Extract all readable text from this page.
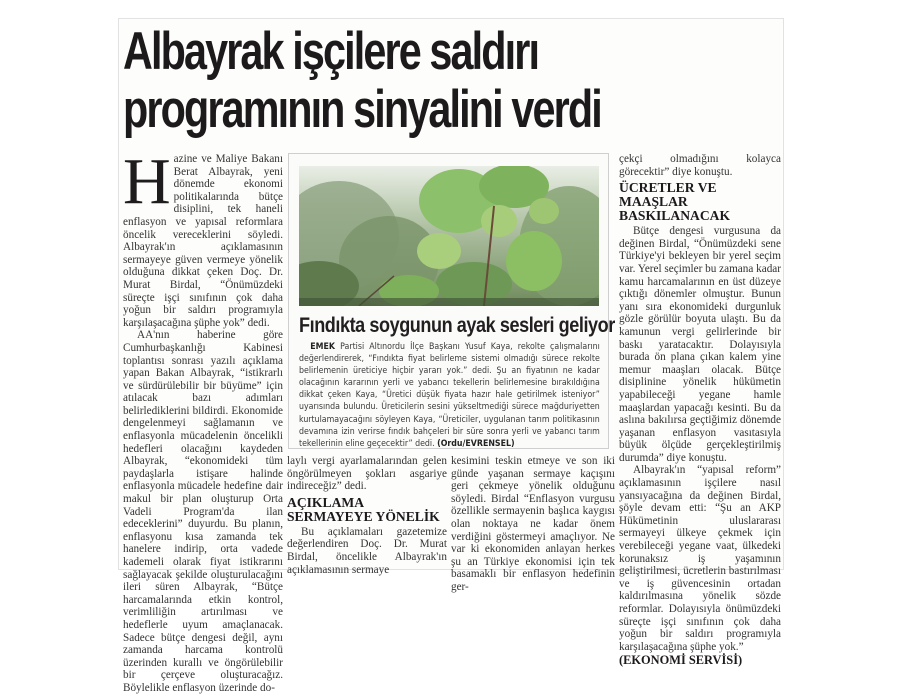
Albayrak işçilere saldırı
programının sinyalini verdi

Hazine ve Maliye Bakanı Berat Albayrak, yeni dönemde ekonomi politikalarında bütçe disiplini, tek haneli enflasyon ve yapısal reformlara öncelik vereceklerini söyledi. Albayrak'ın açıklamasının sermayeye güven vermeye yönelik olduğuna dikkat çeken Doç. Dr. Murat Birdal, “Önümüzdeki süreçte işçi sınıfının çok daha yoğun bir saldırı programıyla karşılaşacağına şüphe yok” dedi.

AA'nın haberine göre Cumhurbaşkanlığı Kabinesi toplantısı sonrası yazılı açıklama yapan Bakan Albayrak, “istikrarlı ve sürdürülebilir bir büyüme” için atılacak bazı adımları belirlediklerini bildirdi. Ekonomide dengelenmeyi sağlamanın ve enflasyonla mücadelenin öncelikli hedefleri olacağını kaydeden Albayrak, “ekonomideki tüm paydaşlarla istişare halinde enflasyonla mücadele hedefine dair makul bir plan oluşturup Orta Vadeli Program'da ilan edeceklerini” duyurdu. Bu planın, enflasyonu kısa zamanda tek hanelere indirip, orta vadede kademeli olarak fiyat istikrarını sağlayacak şekilde oluşturulacağını ileri süren Albayrak, “Bütçe harcamalarında etkin kontrol, verimliliğin artırılması ve hedeflerle uyum amaçlanacak. Sadece bütçe dengesi değil, aynı zamanda harcama kontrolü üzerinden kurallı ve öngörülebilir bir çerçeve oluşturacağız. Böylelikle enflasyon üzerinde do-

Fındıkta soygunun ayak sesleri geliyor

EMEK Partisi Altınordu İlçe Başkanı Yusuf Kaya, rekolte çalışmalarını değerlendirerek, “Fındıkta fiyat belirleme sistemi olmadığı sürece rekolte belirlemenin üreticiye hiçbir yararı yok.” dedi. Şu an fiyatının ne kadar olacağının kararının yerli ve yabancı tekellerin belirlemesine bırakıldığına dikkat çeken Kaya, “Üretici düşük fiyata hazır hale getirilmek isteniyor” uyarısında bulundu. Üreticilerin sesini yükseltmediği sürece mağduriyetten kurtulamayacağını söyleyen Kaya, “Üreticiler, uygulanan tarım politikasının devamına izin verirse fındık bahçeleri bir süre sonra yerli ve yabancı tarım tekellerinin eline geçecektir” dedi. (Ordu/EVRENSEL)

laylı vergi ayarlamalarından gelen öngörülmeyen şokları asgariye indireceğiz” dedi.

AÇIKLAMA SERMAYEYE YÖNELİK

Bu açıklamaları gazetemize değerlendiren Doç. Dr. Murat Birdal, öncelikle Albayrak'ın açıklamasının sermaye

kesimini teskin etmeye ve son iki günde yaşanan sermaye kaçışını geri çekmeye yönelik olduğunu söyledi. Birdal “Enflasyon vurgusu özellikle sermayenin başlıca kaygısı olan noktaya ne kadar önem verdiğini göstermeyi amaçlıyor. Ne var ki ekonomiden anlayan herkes şu an Türkiye ekonomisi için tek basamaklı bir enflasyon hedefinin ger-

çekçi olmadığını kolayca görecektir” diye konuştu.

ÜCRETLER VE MAAŞLAR BASKILANACAK

Bütçe dengesi vurgusuna da değinen Birdal, “Önümüzdeki sene Türkiye'yi bekleyen bir yerel seçim var. Yerel seçimler bu zamana kadar kamu harcamalarının en üst düzeye çıktığı dönemler olmuştur. Bunun yanı sıra ekonomideki durgunluk gözle görülür boyuta ulaştı. Bu da kamunun vergi gelirlerinde bir baskı yaratacaktır. Dolayısıyla burada ön plana çıkan kalem yine memur maaşları olacak. Bütçe disiplinine yönelik hükümetin yapabileceği yegane hamle maaşlardan yapacağı kesinti. Bu da aslına bakılırsa geçtiğimiz dönemde yaşanan enflasyon vasıtasıyla büyük ölçüde gerçekleştirilmiş durumda” diye konuştu.

Albayrak'ın “yapısal reform” açıklamasının işçilere nasıl yansıyacağına da değinen Birdal, şöyle devam etti: “Şu an AKP Hükümetinin uluslararası sermayeyi ülkeye çekmek için verebileceği yegane vaat, ülkedeki korunaksız iş yaşamının geliştirilmesi, ücretlerin bastırılması ve iş güvencesinin ortadan kaldırılmasına yönelik sözde reformlar. Dolayısıyla önümüzdeki süreçte işçi sınıfının çok daha yoğun bir saldırı programıyla karşılaşacağına şüphe yok.”

(EKONOMİ SERVİSİ)
